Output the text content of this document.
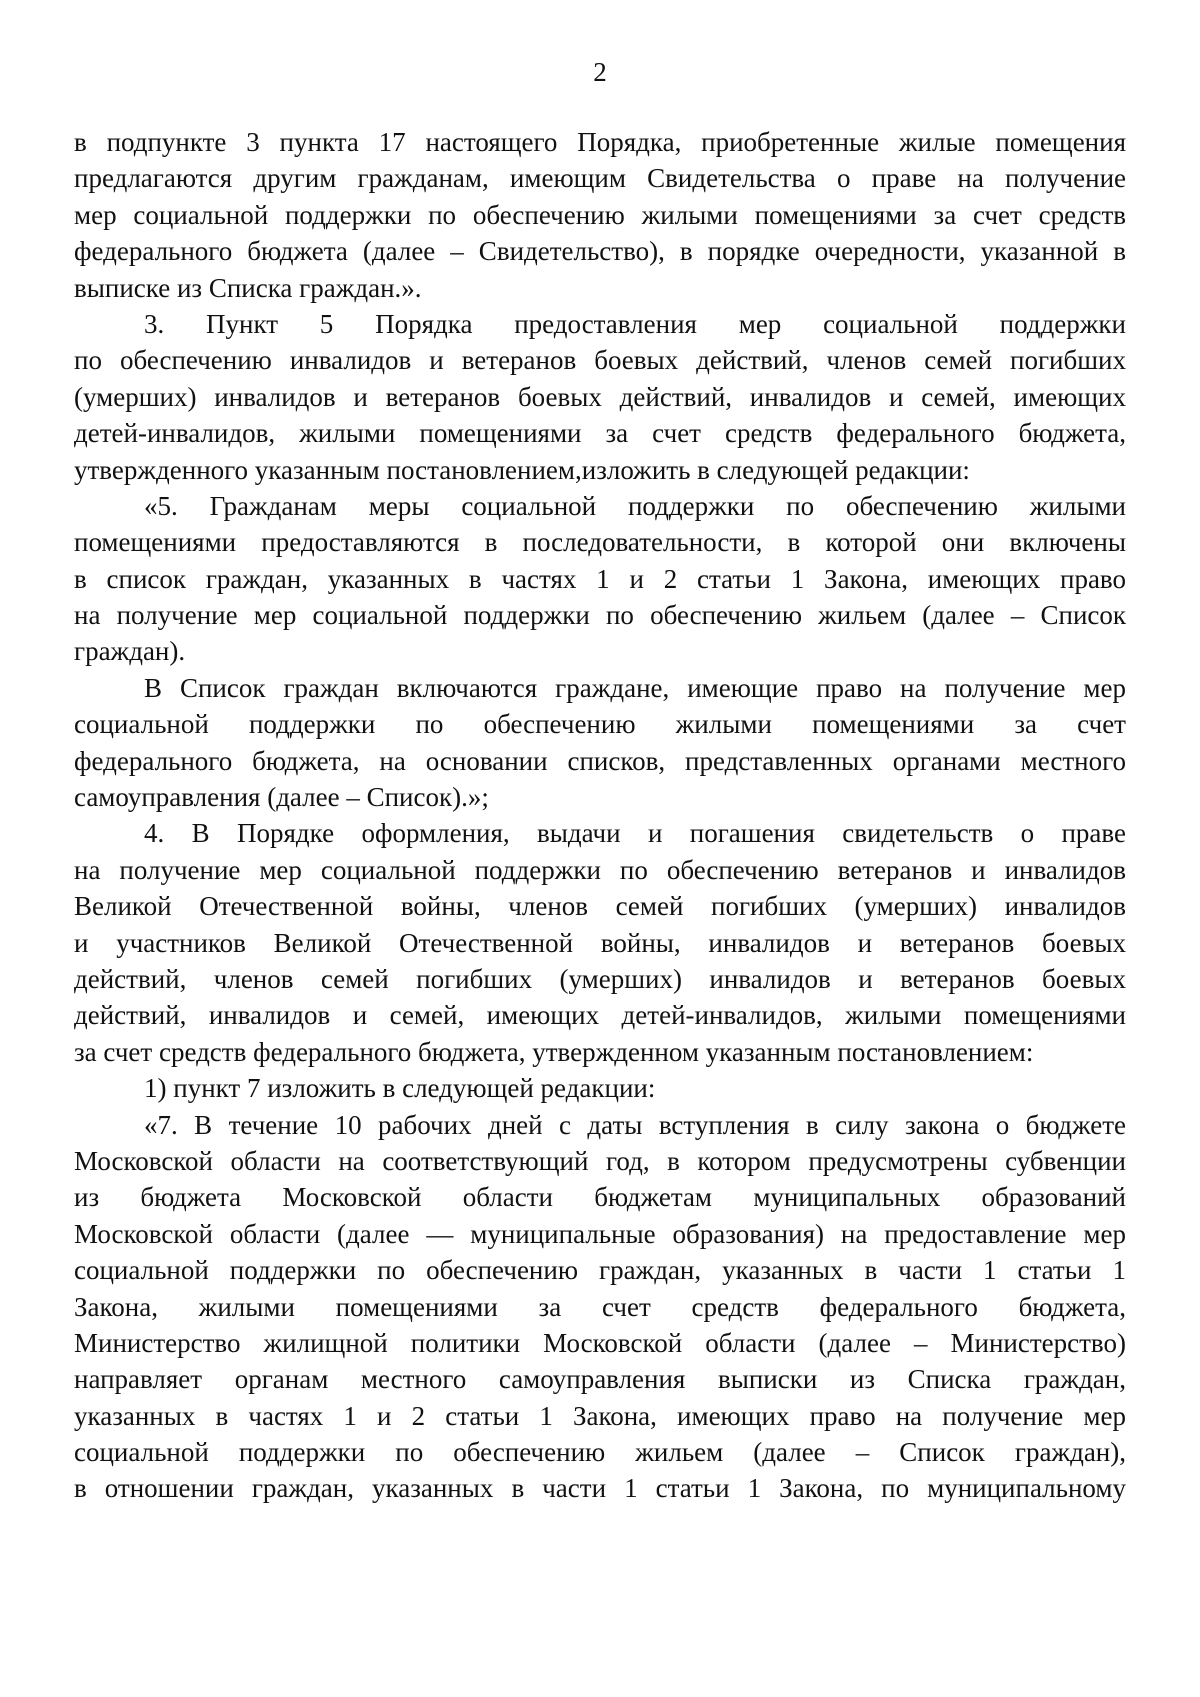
2
в подпункте 3 пункта 17 настоящего Порядка, приобретенные жилые помещения
предлагаются другим гражданам, имеющим Свидетельства о праве на получение
мер социальной поддержки по обеспечению жилыми помещениями за счет средств
федерального бюджета (далее – Свидетельство), в порядке очередности, указанной в
выписке из Списка граждан.».
3. Пункт 5 Порядка предоставления мер социальной поддержки
по обеспечению инвалидов и ветеранов боевых действий, членов семей погибших
(умерших) инвалидов и ветеранов боевых действий, инвалидов и семей, имеющих
детей-инвалидов, жилыми помещениями за счет средств федерального бюджета,
утвержденного указанным постановлением,изложить в следующей редакции:
«5. Гражданам меры социальной поддержки по обеспечению жилыми
помещениями предоставляются в последовательности, в которой они включены
в список граждан, указанных в частях 1 и 2 статьи 1 Закона, имеющих право
на получение мер социальной поддержки по обеспечению жильем (далее – Список
граждан).
В Список граждан включаются граждане, имеющие право на получение мер
социальной поддержки по обеспечению жилыми помещениями за счет
федерального бюджета, на основании списков, представленных органами местного
самоуправления (далее – Список).»;
4. В Порядке оформления, выдачи и погашения свидетельств о праве
на получение мер социальной поддержки по обеспечению ветеранов и инвалидов
Великой Отечественной войны, членов семей погибших (умерших) инвалидов
и участников Великой Отечественной войны, инвалидов и ветеранов боевых
действий, членов семей погибших (умерших) инвалидов и ветеранов боевых
действий, инвалидов и семей, имеющих детей-инвалидов, жилыми помещениями
за счет средств федерального бюджета, утвержденном указанным постановлением:
1) пункт 7 изложить в следующей редакции:
«7. В течение 10 рабочих дней с даты вступления в силу закона о бюджете
Московской области на соответствующий год, в котором предусмотрены субвенции
из бюджета Московской области бюджетам муниципальных образований
Московской области (далее — муниципальные образования) на предоставление мер
социальной поддержки по обеспечению граждан, указанных в части 1 статьи 1
Закона, жилыми помещениями за счет средств федерального бюджета,
Министерство жилищной политики Московской области (далее – Министерство)
направляет органам местного самоуправления выписки из Списка граждан,
указанных в частях 1 и 2 статьи 1 Закона, имеющих право на получение мер
социальной поддержки по обеспечению жильем (далее – Список граждан),
в отношении граждан, указанных в части 1 статьи 1 Закона, по муниципальному
